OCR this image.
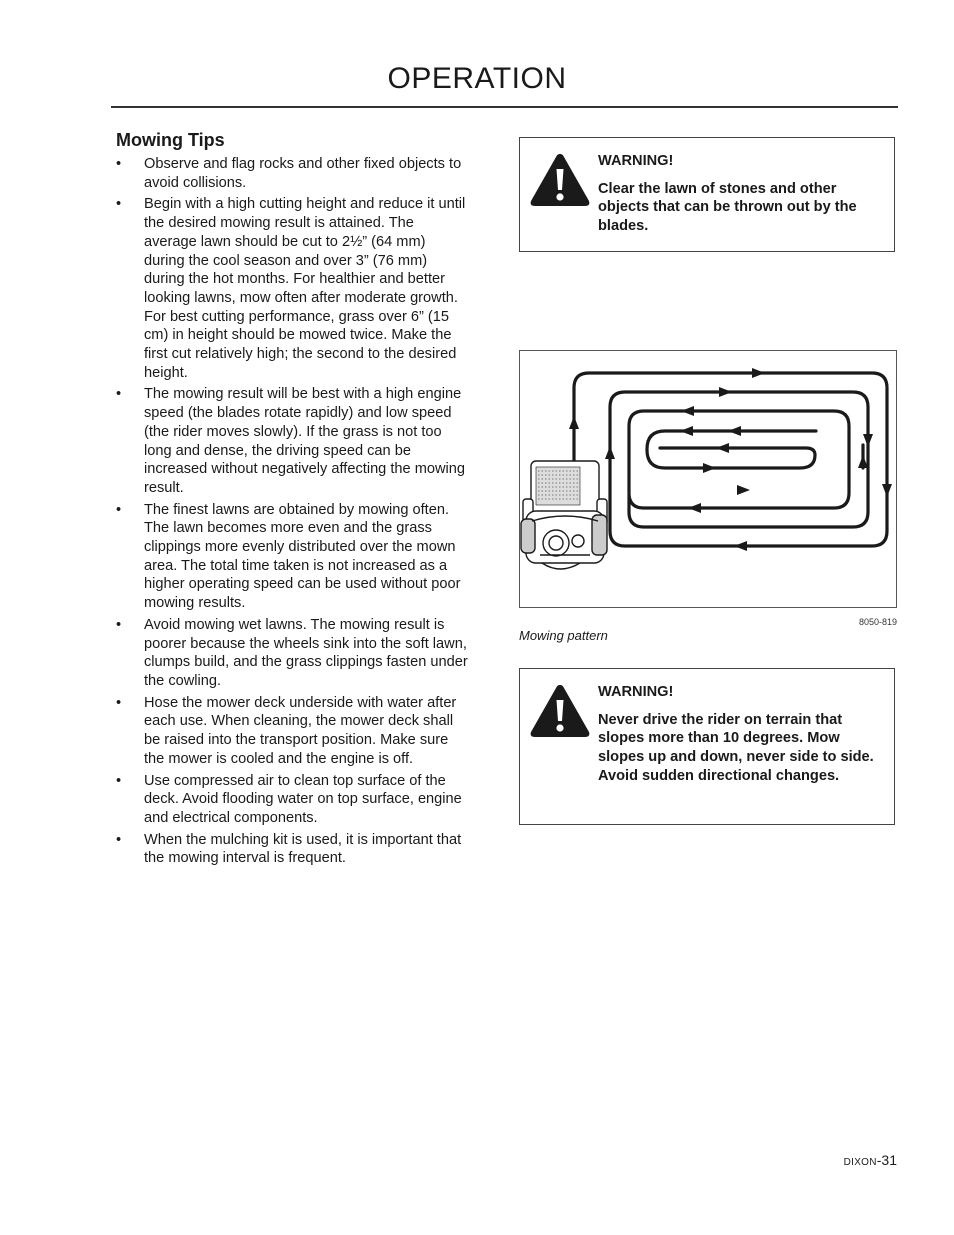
OPERATION
Mowing Tips
• Observe and flag rocks and other fixed objects to avoid collisions.
• Begin with a high cutting height and reduce it until the desired mowing result is attained. The average lawn should be cut to 2½” (64 mm) during the cool season and over 3” (76 mm) during the hot months. For healthier and better looking lawns, mow often after moderate growth.
For best cutting performance, grass over 6” (15 cm) in height should be mowed twice. Make the first cut relatively high; the second to the desired height.
• The mowing result will be best with a high engine speed (the blades rotate rapidly) and low speed (the rider moves slowly). If the grass is not too long and dense, the driving speed can be increased without negatively affecting the mowing result.
• The finest lawns are obtained by mowing often. The lawn becomes more even and the grass clippings more evenly distributed over the mown area. The total time taken is not increased as a higher operating speed can be used without poor mowing results.
• Avoid mowing wet lawns. The mowing result is poorer because the wheels sink into the soft lawn, clumps build, and the grass clippings fasten under the cowling.
• Hose the mower deck underside with water after each use. When cleaning, the mower deck shall be raised into the transport position. Make sure the mower is cooled and the engine is off.
• Use compressed air to clean top surface of the deck. Avoid flooding water on top surface, engine and electrical components.
• When the mulching kit is used, it is important that the mowing interval is frequent.
WARNING!
Clear the lawn of stones and other objects that can be thrown out by the blades.
8050-819
Mowing pattern
WARNING!
Never drive the rider on terrain that slopes more than 10 degrees. Mow slopes up and down, never side to side. Avoid sudden directional changes.
DIXON-31
